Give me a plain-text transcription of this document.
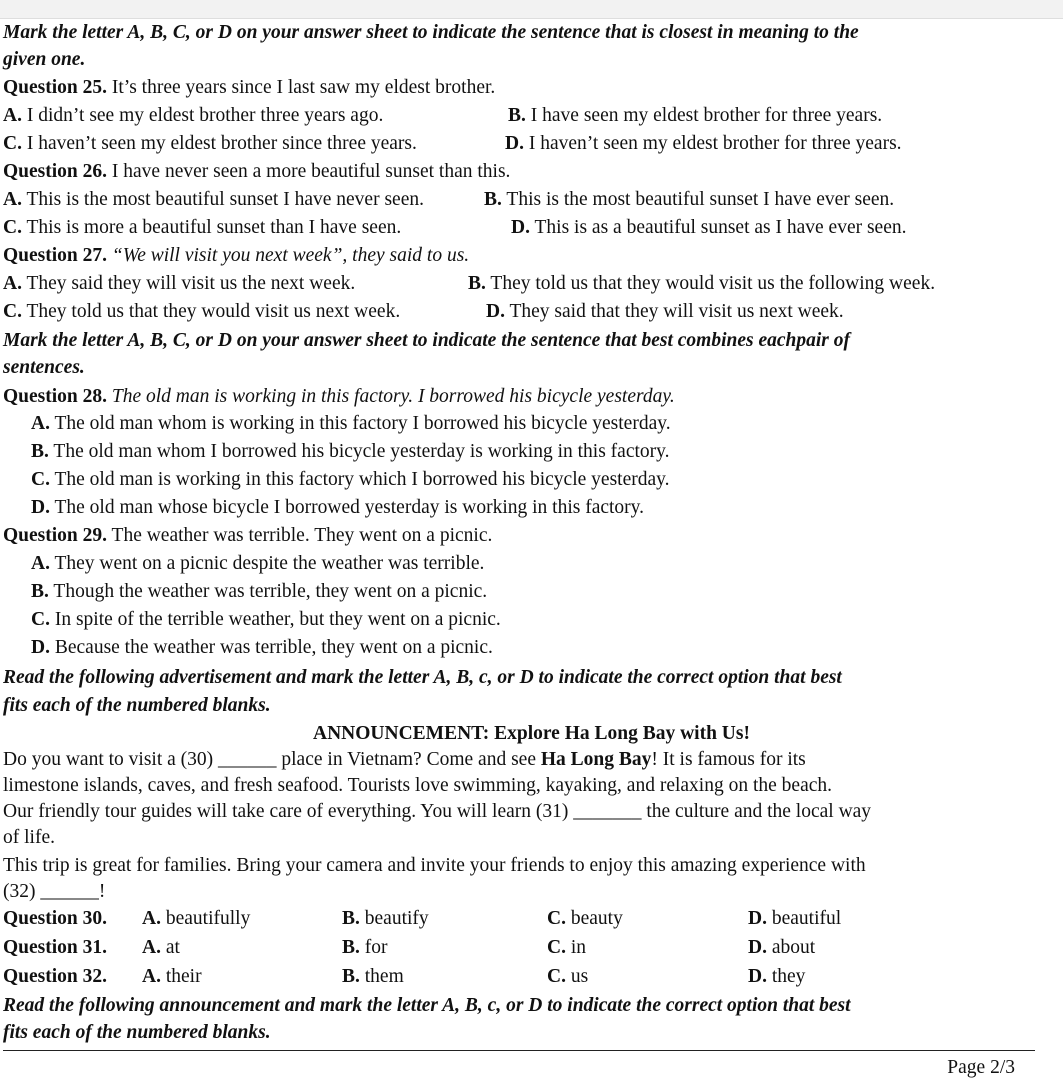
Mark the letter A, B, C, or D on your answer sheet to indicate the sentence that is closest in meaning to the
given one.
Question 25. It’s three years since I last saw my eldest brother.
A. I didn’t see my eldest brother three years ago.	B. I have seen my eldest brother for three years.
C. I haven’t seen my eldest brother since three years.	D. I haven’t seen my eldest brother for three years.
Question 26. I have never seen a more beautiful sunset than this.
A. This is the most beautiful sunset I have never seen.	B. This is the most beautiful sunset I have ever seen.
C. This is more a beautiful sunset than I have seen.	D. This is as a beautiful sunset as I have ever seen.
Question 27. “We will visit you next week”, they said to us.
A. They said they will visit us the next week.	B. They told us that they would visit us the following week.
C. They told us that they would visit us next week.	D. They said that they will visit us next week.
Mark the letter A, B, C, or D on your answer sheet to indicate the sentence that best combines eachpair of
sentences.
Question 28. The old man is working in this factory. I borrowed his bicycle yesterday.
A. The old man whom is working in this factory I borrowed his bicycle yesterday.
B. The old man whom I borrowed his bicycle yesterday is working in this factory.
C. The old man is working in this factory which I borrowed his bicycle yesterday.
D. The old man whose bicycle I borrowed yesterday is working in this factory.
Question 29. The weather was terrible. They went on a picnic.
A. They went on a picnic despite the weather was terrible.
B. Though the weather was terrible, they went on a picnic.
C. In spite of the terrible weather, but they went on a picnic.
D. Because the weather was terrible, they went on a picnic.
Read the following advertisement and mark the letter A, B, c, or D to indicate the correct option that best
fits each of the numbered blanks.
ANNOUNCEMENT: Explore Ha Long Bay with Us!
Do you want to visit a (30) ______ place in Vietnam? Come and see Ha Long Bay! It is famous for its
limestone islands, caves, and fresh seafood. Tourists love swimming, kayaking, and relaxing on the beach.
Our friendly tour guides will take care of everything. You will learn (31) _______ the culture and the local way
of life.
This trip is great for families. Bring your camera and invite your friends to enjoy this amazing experience with
(32) ______!
Question 30. A. beautifully	B. beautify	C. beauty	D. beautiful
Question 31. A. at	B. for	C. in	D. about
Question 32. A. their	B. them	C. us	D. they
Read the following announcement and mark the letter A, B, c, or D to indicate the correct option that best
fits each of the numbered blanks.
Page 2/3
